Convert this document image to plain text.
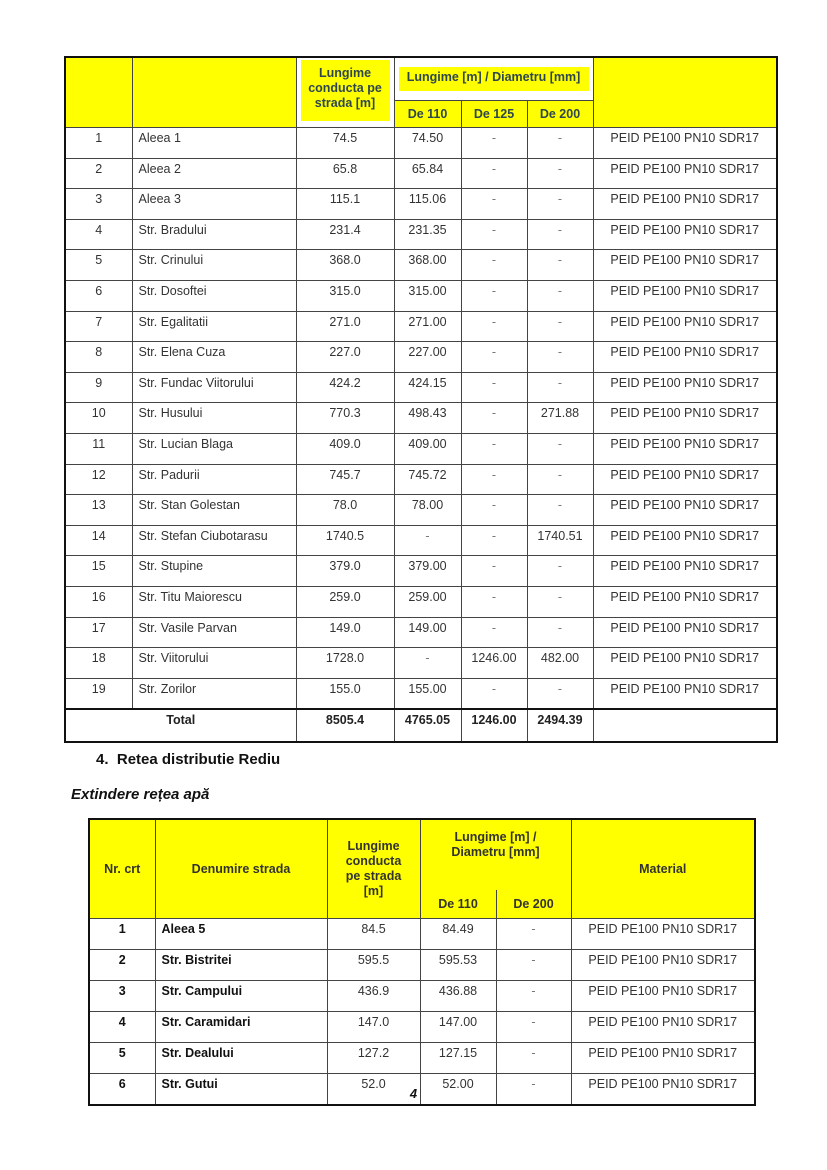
		Lungime conducta pe strada [m]	Lungime [m] / Diametru [mm]			

			De 110	De 125	De 200	
1	Aleea 1	74.5	74.50	-	-	PEID PE100 PN10 SDR17
2	Aleea 2	65.8	65.84	-	-	PEID PE100 PN10 SDR17
3	Aleea 3	115.1	115.06	-	-	PEID PE100 PN10 SDR17
4	Str. Bradului	231.4	231.35	-	-	PEID PE100 PN10 SDR17
5	Str. Crinului	368.0	368.00	-	-	PEID PE100 PN10 SDR17
6	Str. Dosoftei	315.0	315.00	-	-	PEID PE100 PN10 SDR17
7	Str. Egalitatii	271.0	271.00	-	-	PEID PE100 PN10 SDR17
8	Str. Elena Cuza	227.0	227.00	-	-	PEID PE100 PN10 SDR17
9	Str. Fundac Viitorului	424.2	424.15	-	-	PEID PE100 PN10 SDR17
10	Str. Husului	770.3	498.43	-	271.88	PEID PE100 PN10 SDR17
11	Str. Lucian Blaga	409.0	409.00	-	-	PEID PE100 PN10 SDR17
12	Str. Padurii	745.7	745.72	-	-	PEID PE100 PN10 SDR17
13	Str. Stan Golestan	78.0	78.00	-	-	PEID PE100 PN10 SDR17
14	Str. Stefan Ciubotarasu	1740.5	-	-	1740.51	PEID PE100 PN10 SDR17
15	Str. Stupine	379.0	379.00	-	-	PEID PE100 PN10 SDR17
16	Str. Titu Maiorescu	259.0	259.00	-	-	PEID PE100 PN10 SDR17
17	Str. Vasile Parvan	149.0	149.00	-	-	PEID PE100 PN10 SDR17
18	Str. Viitorului	1728.0	-	1246.00	482.00	PEID PE100 PN10 SDR17
19	Str. Zorilor	155.0	155.00	-	-	PEID PE100 PN10 SDR17
Total		8505.4	4765.05	1246.00	2494.39	
4. Retea distributie Rediu
Extindere rețea apă
Nr. crt	Denumire strada	Lungime conducta pe strada [m]	Lungime [m] / Diametru [mm]		Material
			De 110	De 200	
1	Aleea 5	84.5	84.49	-	PEID PE100 PN10 SDR17
2	Str. Bistritei	595.5	595.53	-	PEID PE100 PN10 SDR17
3	Str. Campului	436.9	436.88	-	PEID PE100 PN10 SDR17
4	Str. Caramidari	147.0	147.00	-	PEID PE100 PN10 SDR17
5	Str. Dealului	127.2	127.15	-	PEID PE100 PN10 SDR17
6	Str. Gutui	52.0	52.00	-	PEID PE100 PN10 SDR17
4
